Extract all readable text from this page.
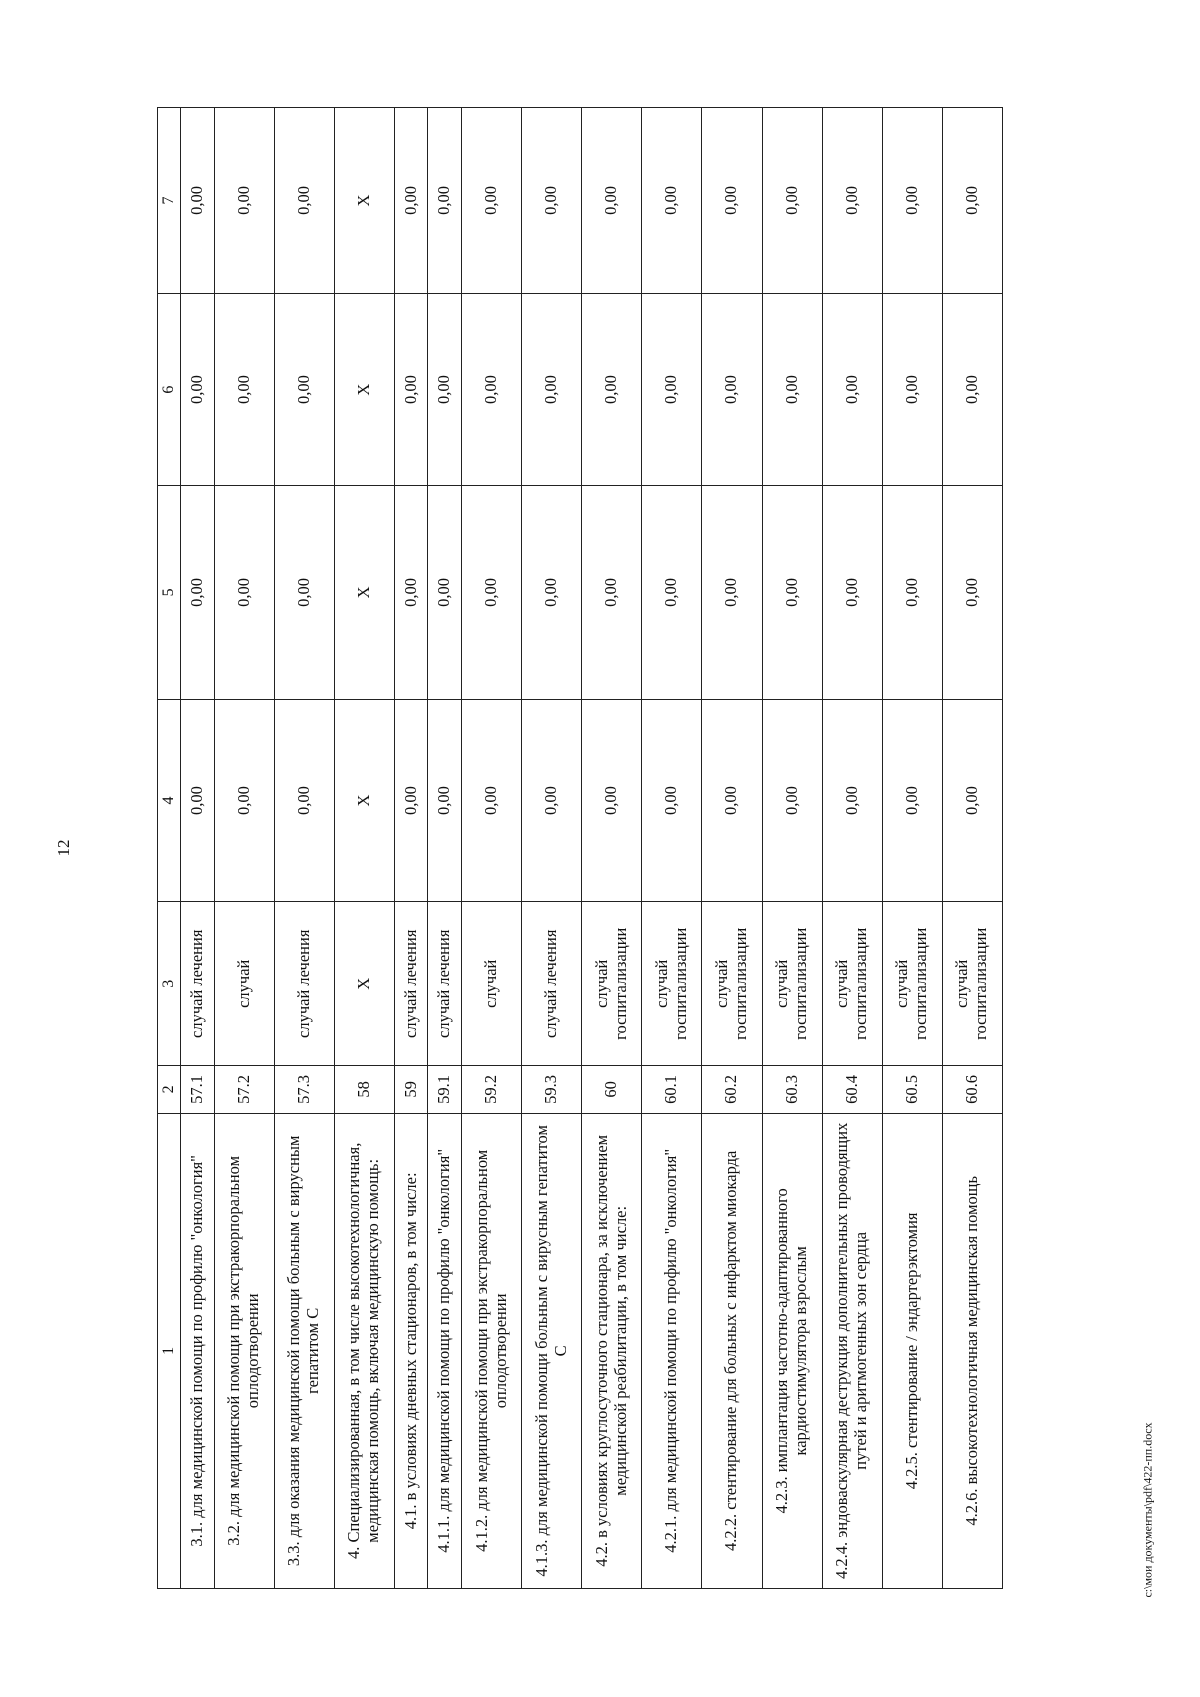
12
1	2	3	4	5	6	7
3.1. для медицинской помощи по профилю "онкология"	57.1	случай лечения	0,00	0,00	0,00	0,00
3.2. для медицинской помощи при экстракорпоральном оплодотворении	57.2	случай	0,00	0,00	0,00	0,00
3.3. для оказания медицинской помощи больным с вирусным гепатитом С	57.3	случай лечения	0,00	0,00	0,00	0,00
4. Специализированная, в том числе высокотехнологичная, медицинская помощь, включая медицинскую помощь:	58	Х	Х	Х	Х	Х
4.1. в условиях дневных стационаров, в том числе:	59	случай лечения	0,00	0,00	0,00	0,00
4.1.1. для медицинской помощи по профилю "онкология"	59.1	случай лечения	0,00	0,00	0,00	0,00
4.1.2. для медицинской помощи при экстракорпоральном оплодотворении	59.2	случай	0,00	0,00	0,00	0,00
4.1.3. для медицинской помощи больным с вирусным гепатитом С	59.3	случай лечения	0,00	0,00	0,00	0,00
4.2. в условиях круглосуточного стационара, за исключением медицинской реабилитации, в том числе:	60	случай госпитализации	0,00	0,00	0,00	0,00
4.2.1. для медицинской помощи по профилю "онкология"	60.1	случай госпитализации	0,00	0,00	0,00	0,00
4.2.2. стентирование для больных с инфарктом миокарда	60.2	случай госпитализации	0,00	0,00	0,00	0,00
4.2.3. имплантация частотно-адаптированного кардиостимулятора взрослым	60.3	случай госпитализации	0,00	0,00	0,00	0,00
4.2.4. эндоваскулярная деструкция дополнительных проводящих путей и аритмогенных зон сердца	60.4	случай госпитализации	0,00	0,00	0,00	0,00
4.2.5. стентирование / эндартерэктомия	60.5	случай госпитализации	0,00	0,00	0,00	0,00
4.2.6. высокотехнологичная медицинская помощь	60.6	случай госпитализации	0,00	0,00	0,00	0,00
c:\мои документы\pdf\422-пп.docx
